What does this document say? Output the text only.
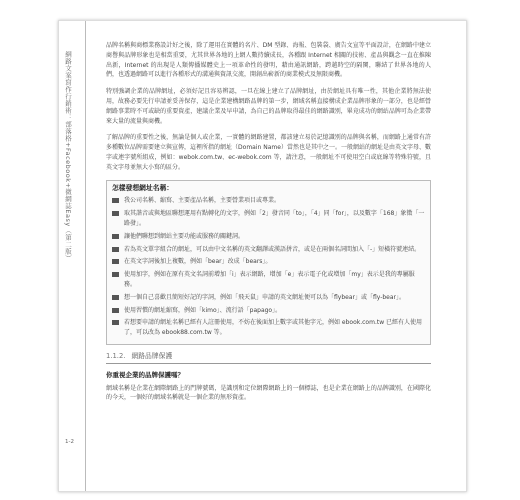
網路文案寫作行銷術：部落格+Facebook+微網誌Easy（第二版）
1-2

品牌名稱與商標業務設計好之後，除了運用在實體的名片、DM 型錄、海報、包裝袋、廣告文宣等平面設計，在網路中建立商譽與品牌形象也是相當重要，尤其世界各地的上網人數持續成長，各種跟 Internet 相關的技術、產品與觀念一直在推陳出新，Internet 的出現是人類傳播媒體史上一項革命性的發明，藉由通訊網路，跨越時空的隔閡，聯結了世界各地的人們，也透過網路可以進行各種形式的溝通與資訊交流，開創出嶄新的商業模式及無限商機。

特別強調企業的品牌網址，必須好記且容易辨認，一旦在線上建立了品牌網址，由於網址具有唯一性，其他企業將無法使用，故務必要先行申請並妥善保存，這是企業建構網路品牌的第一步，網域名稱直接構成企業品牌形象的一部分，也是經營網路事業時不可或缺的重要資產，建議企業及早申請，為自己的品牌取得最佳的網路識別，畢竟成功的網站品牌可為企業帶來大量的流量與商機。

了解品牌的重要性之後，無論是個人或企業，一實體的網路建置，都該建立易於記憶識別的品牌與名稱，而網路上通常有許多種數位品牌需要建立與宣傳，這裡所指的網址（Domain Name）當然也是其中之一。一般網站的網址是由英文字母、數字或連字號所組成，例如：webok.com.tw、ec-webok.com 等，請注意，一般網址不可使用空白或底線等特殊符號，且英文字母並無大小寫的區分。

怎樣發想網址名稱：
我公司名稱、縮寫、主要產品名稱，主要營業項目或專業。
取其諧音或與地區聯想運用有點轉化的文字，例如「2」發音同「to」，「4」同「for」，以及數字「168」象徵「一路發」。
讓他們聯想到網站主要功能或服務的關鍵詞。
若為英文單字組合的網址，可以由中文名稱的英文翻譯或漢語拼音，或是在兩個名詞間加入「-」短橫符號連結。
在英文字詞後加上複數，例如「bear」改成「bears」。
使用加字，例如在原有英文名詞前增加「i」表示網路，增加「e」表示電子化或增加「my」表示是我的專屬服務。
想一個自己喜歡且簡短好記的字詞，例如「飛天鼠」申請的英文網址便可以為「flybear」或「fly-bear」。
使用習慣的網址縮寫，例如「kimo」、流行語「papago」。
若想要申請的網址名稱已經有人註冊使用，不妨在後面加上數字或其他字元，例如 ebook.com.tw 已經有人使用了，可以改為 ebook88.com.tw 等。
1.1.2. 網路品牌保護
你重視企業的品牌保護嗎？

網域名稱是企業在網際網路上的門牌號碼，是識別和定位網際網路上的一個標誌，也是企業在網路上的品牌識別，在國際化的今天，一個好的網域名稱就是一個企業的無形資產。
